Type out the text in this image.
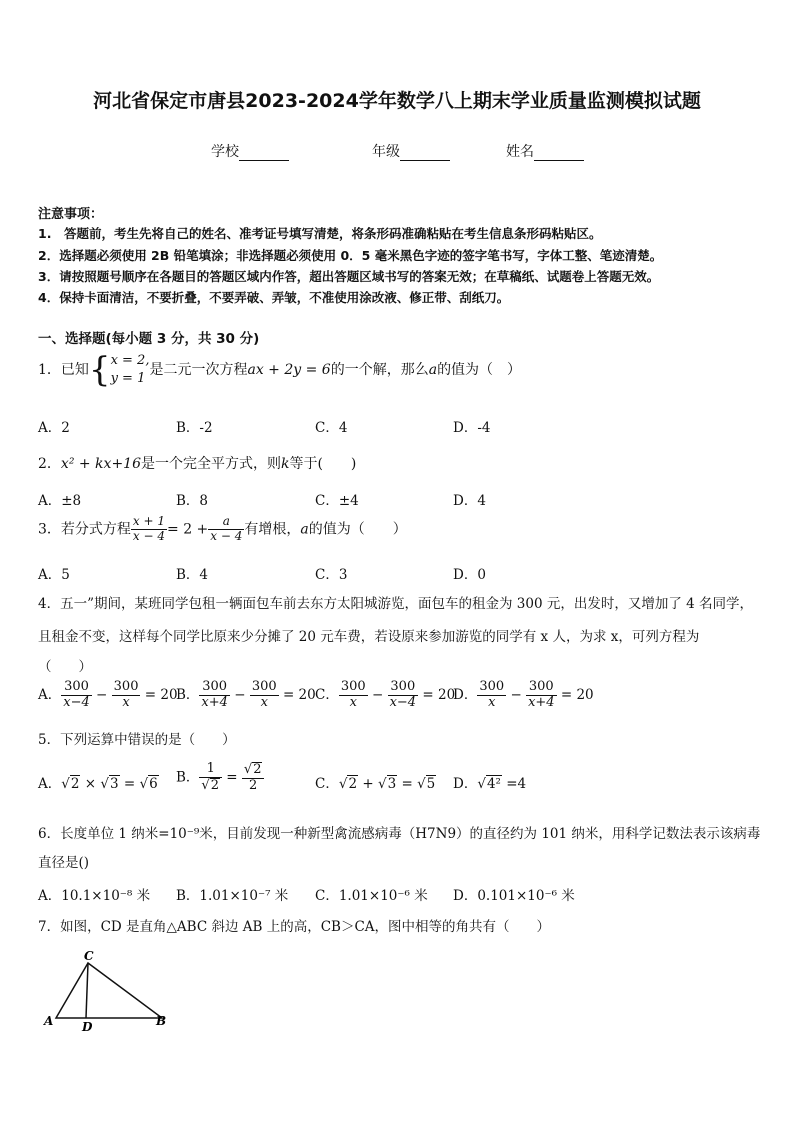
河北省保定市唐县2023-2024学年数学八上期末学业质量监测模拟试题
学校	年级	姓名
注意事项：
1.　答题前，考生先将自己的姓名、准考证号填写清楚，将条形码准确粘贴在考生信息条形码粘贴区。
2．选择题必须使用 2B 铅笔填涂；非选择题必须使用 0．5 毫米黑色字迹的签字笔书写，字体工整、笔迹清楚。
3．请按照题号顺序在各题目的答题区域内作答，超出答题区域书写的答案无效；在草稿纸、试题卷上答题无效。
4．保持卡面清洁，不要折叠，不要弄破、弄皱，不准使用涂改液、修正带、刮纸刀。
一、选择题(每小题 3 分，共 30 分)
1．已知{ x = 2,
y = 1
是二元一次方程ax + 2y = 6的一个解，那么a的值为（　）
A．2	B．-2	C．4	D．-4
2．x² + kx+16是一个完全平方式，则k等于(　　)
A．±8	B．8	C．±4	D．4
3．若分式方程 $\frac{x + 1}{x - 4} = 2 + \frac{a}{x - 4}$ 有增根，a的值为（　　）
A．5	B．4	C．3	D．0
4．五一”期间，某班同学包租一辆面包车前去东方太阳城游览，面包车的租金为 300 元，出发时，又增加了 4 名同学，
且租金不变，这样每个同学比原来少分摊了 20 元车费，若设原来参加游览的同学有 x 人，为求 x，可列方程为
（　　）
A． $\frac{300}{x-4} - \frac{300}{x} = 20$
B． $\frac{300}{x+4} - \frac{300}{x} = 20$ C． $\frac{300}{x} - \frac{300}{x-4} = 20$
D． $\frac{300}{x} - \frac{300}{x+4} = 20$
5．下列运算中错误的是（　　）
A．√2 × √3 = √6 B． $\frac{1}{√2} = \frac{√2}{2}$	C．√2 + √3 = √5 D．√4² =4
6．长度单位 1 纳米=10⁻⁹米，目前发现一种新型禽流感病毒（H7N9）的直径约为 101 纳米，用科学记数法表示该病毒
直径是()
A．10.1×10⁻⁸ 米 B．1.01×10⁻⁷ 米 C．1.01×10⁻⁶ 米 D．0.101×10⁻⁶ 米
7．如图，CD 是直角△ABC 斜边 AB 上的高，CB＞CA，图中相等的角共有（　　）
C
A D	B
